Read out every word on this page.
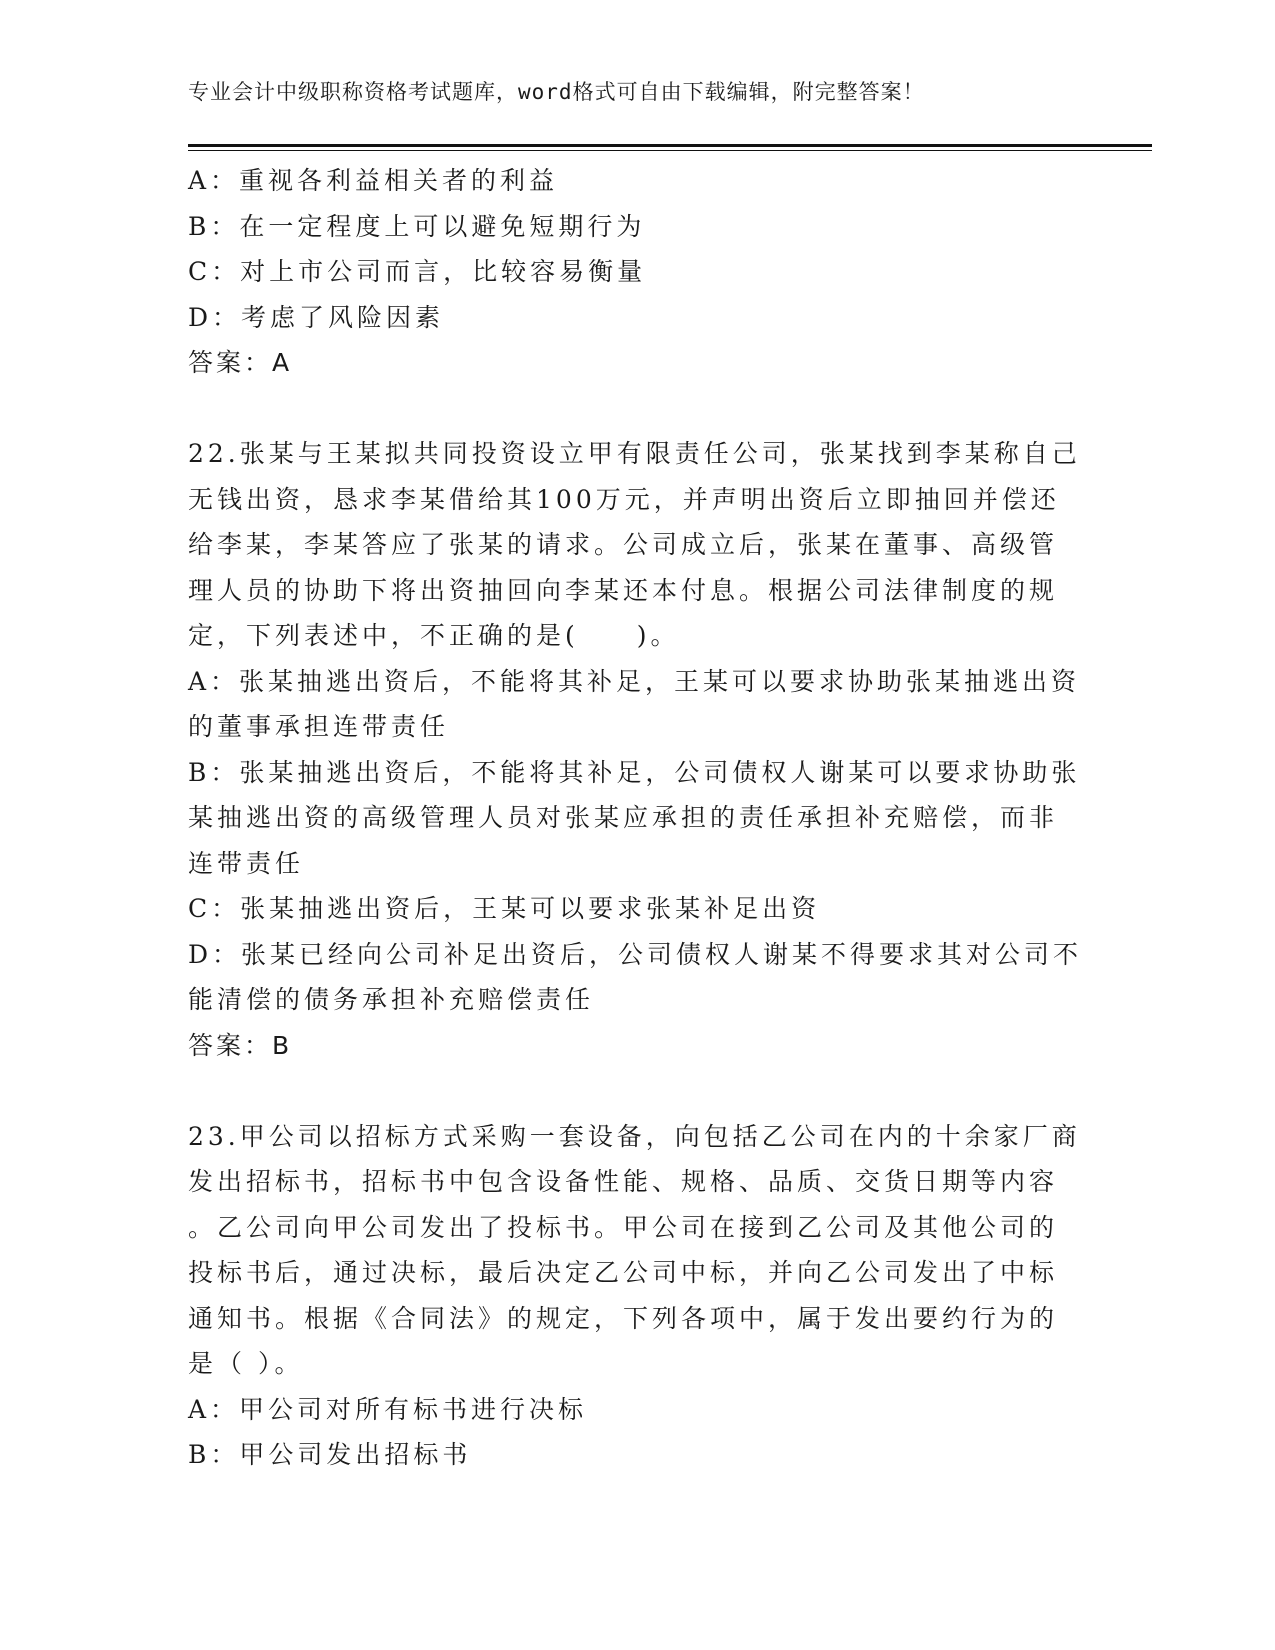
专业会计中级职称资格考试题库，word格式可自由下载编辑，附完整答案！
A：重视各利益相关者的利益
B：在一定程度上可以避免短期行为
C：对上市公司而言，比较容易衡量
D：考虑了风险因素
答案：A
22.张某与王某拟共同投资设立甲有限责任公司，张某找到李某称自己
无钱出资，恳求李某借给其100万元，并声明出资后立即抽回并偿还
给李某，李某答应了张某的请求。公司成立后，张某在董事、高级管
理人员的协助下将出资抽回向李某还本付息。根据公司法律制度的规
定，下列表述中，不正确的是(　　)。
A：张某抽逃出资后，不能将其补足，王某可以要求协助张某抽逃出资
的董事承担连带责任
B：张某抽逃出资后，不能将其补足，公司债权人谢某可以要求协助张
某抽逃出资的高级管理人员对张某应承担的责任承担补充赔偿，而非
连带责任
C：张某抽逃出资后，王某可以要求张某补足出资
D：张某已经向公司补足出资后，公司债权人谢某不得要求其对公司不
能清偿的债务承担补充赔偿责任
答案：B
23.甲公司以招标方式采购一套设备，向包括乙公司在内的十余家厂商
发出招标书，招标书中包含设备性能、规格、品质、交货日期等内容
。乙公司向甲公司发出了投标书。甲公司在接到乙公司及其他公司的
投标书后，通过决标，最后决定乙公司中标，并向乙公司发出了中标
通知书。根据《合同法》的规定，下列各项中，属于发出要约行为的
是（ ）。
A：甲公司对所有标书进行决标
B：甲公司发出招标书
